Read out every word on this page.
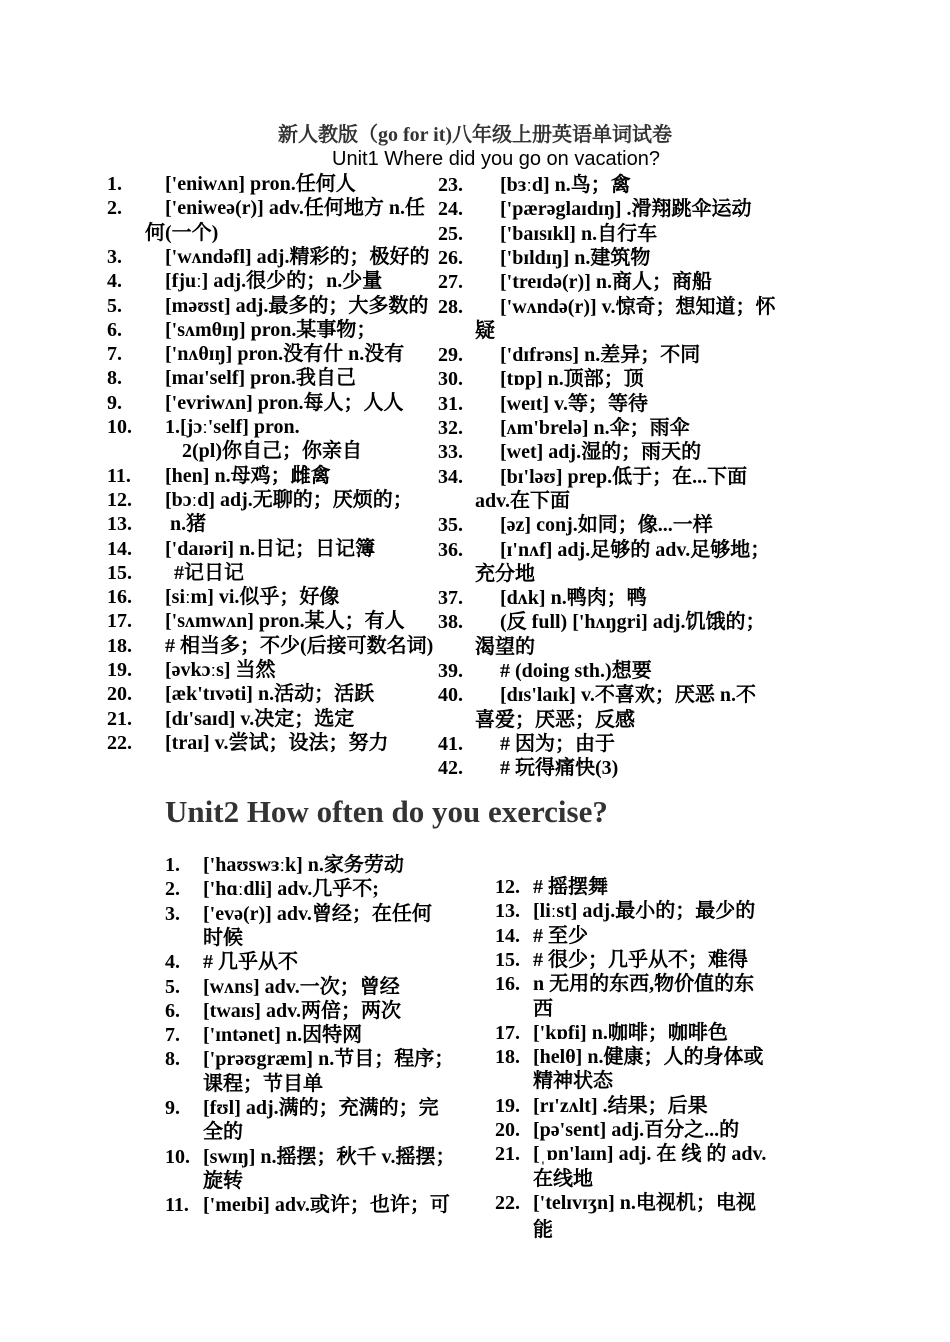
新人教版（go for it)八年级上册英语单词试卷
Unit1 Where did you go on vacation?
Unit2 How often do you exercise?
1. ['eniwʌn] pron.任何人
2. ['eniweə(r)] adv.任何地方 n.任
何(一个)
3. ['wʌndəfl] adj.精彩的；极好的
4. [fjuː] adj.很少的；n.少量
5. [məʊst] adj.最多的；大多数的
6. ['sʌmθɪŋ] pron.某事物；
7. ['nʌθɪŋ] pron.没有什 n.没有
8. [maɪ'self] pron.我自己
9. ['evriwʌn] pron.每人；人人
10. 1.[jɔː'self] pron.
2(pl)你自己；你亲自
11. [hen] n.母鸡；雌禽
12. [bɔːd] adj.无聊的；厌烦的；
13. n.猪
14. ['daɪəri] n.日记；日记簿
15. #记日记
16. [siːm] vi.似乎；好像
17. ['sʌmwʌn] pron.某人；有人
18. # 相当多；不少(后接可数名词)
19. [əvkɔːs] 当然
20. [æk'tɪvəti] n.活动；活跃
21. [dɪ'saɪd] v.决定；选定
22. [traɪ] v.尝试；设法；努力
23. [bɜːd] n.鸟；禽
24. ['pærəglaɪdɪŋ] .滑翔跳伞运动
25. ['baɪsɪkl] n.自行车
26. ['bɪldɪŋ] n.建筑物
27. ['treɪdə(r)] n.商人；商船
28. ['wʌndə(r)] v.惊奇；想知道；怀
疑
29. ['dɪfrəns] n.差异；不同
30. [tɒp] n.顶部；顶
31. [weɪt] v.等；等待
32. [ʌm'brelə] n.伞；雨伞
33. [wet] adj.湿的；雨天的
34. [bɪ'ləʊ] prep.低于；在...下面
adv.在下面
35. [əz] conj.如同；像...一样
36. [ɪ'nʌf] adj.足够的 adv.足够地；
充分地
37. [dʌk] n.鸭肉；鸭
38. (反 full) ['hʌŋgri] adj.饥饿的；
渴望的
39. # (doing sth.)想要
40. [dɪs'laɪk] v.不喜欢；厌恶 n.不
喜爱；厌恶；反感
41. # 因为；由于
42. # 玩得痛快(3)
1. ['haʊswɜːk] n.家务劳动
2. ['hɑːdli] adv.几乎不;
3. ['evə(r)] adv.曾经；在任何
时候
4. # 几乎从不
5. [wʌns] adv.一次；曾经
6. [twaɪs] adv.两倍；两次
7. ['ɪntənet] n.因特网
8. ['prəʊgræm] n.节目；程序；
课程；节目单
9. [fʊl] adj.满的；充满的；完
全的
10. [swɪŋ] n.摇摆；秋千 v.摇摆；
旋转
11. ['meɪbi] adv.或许；也许；可
能
12. # 摇摆舞
13. [liːst] adj.最小的；最少的
14. # 至少
15. # 很少；几乎从不；难得
16. n 无用的东西,物价值的东
西
17. ['kɒfi] n.咖啡；咖啡色
18. [helθ] n.健康；人的身体或
精神状态
19. [rɪ'zʌlt] .结果；后果
20. [pə'sent] adj.百分之...的
21. [ˌɒn'laɪn] adj. 在 线 的 adv.
在线地
22. ['telɪvɪʒn] n.电视机；电视
